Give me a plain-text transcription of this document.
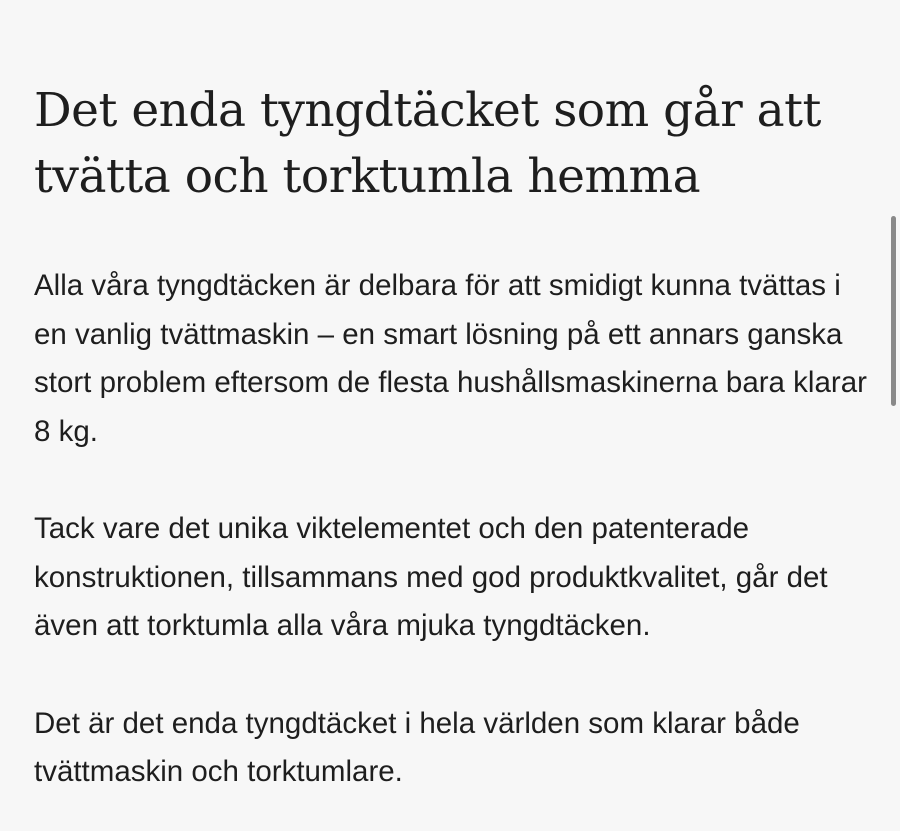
Det enda tyngdtäcket som går att tvätta och torktumla hemma

Alla våra tyngdtäcken är delbara för att smidigt kunna tvättas i en vanlig tvättmaskin – en smart lösning på ett annars ganska stort problem eftersom de flesta hushållsmaskinerna bara klarar 8 kg.

Tack vare det unika viktelementet och den patenterade konstruktionen, tillsammans med god produktkvalitet, går det även att torktumla alla våra mjuka tyngdtäcken.

Det är det enda tyngdtäcket i hela världen som klarar både tvättmaskin och torktumlare.
